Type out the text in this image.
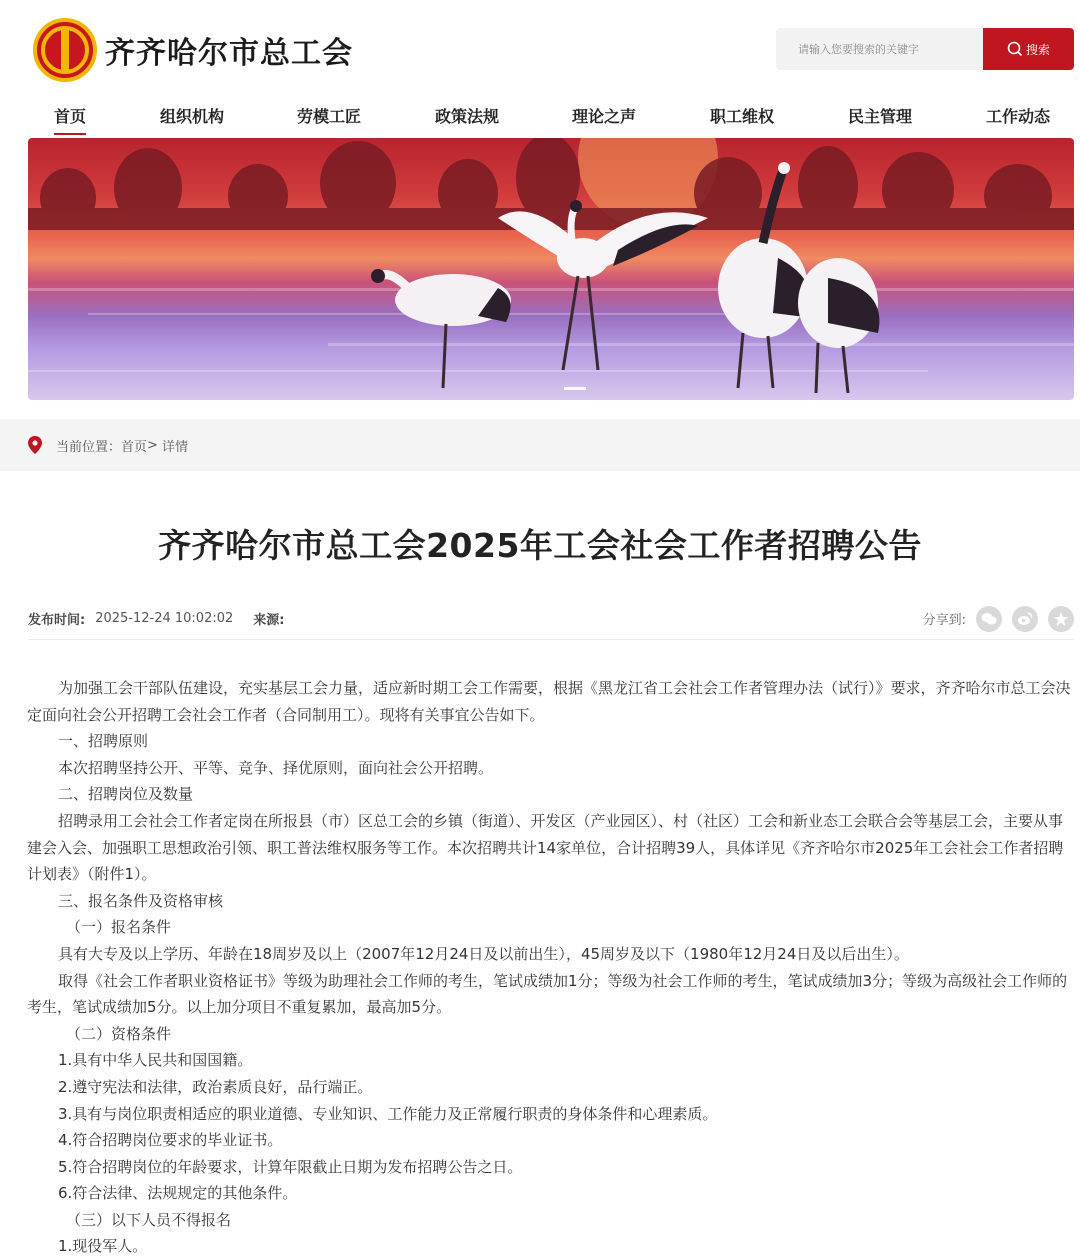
齐齐哈尔市总工会
请输入您要搜索的关键字	搜索
首页	组织机构	劳模工匠	政策法规	理论之声	职工维权	民主管理	工作动态
当前位置： 首页 > 详情
齐齐哈尔市总工会2025年工会社会工作者招聘公告
发布时间: 2025-12-24 10:02:02 来源:	分享到:

为加强工会干部队伍建设，充实基层工会力量，适应新时期工会工作需要，根据《黑龙江省工会社会工作者管理办法（试行）》要求，齐齐哈尔市总工会决定面向社会公开招聘工会社会工作者（合同制用工）。现将有关事宜公告如下。

一、招聘原则

本次招聘坚持公开、平等、竞争、择优原则，面向社会公开招聘。

二、招聘岗位及数量

招聘录用工会社会工作者定岗在所报县（市）区总工会的乡镇（街道）、开发区（产业园区）、村（社区）工会和新业态工会联合会等基层工会，主要从事建会入会、加强职工思想政治引领、职工普法维权服务等工作。本次招聘共计14家单位，合计招聘39人，具体详见《齐齐哈尔市2025年工会社会工作者招聘计划表》（附件1）。

三、报名条件及资格审核

（一）报名条件

具有大专及以上学历、年龄在18周岁及以上（2007年12月24日及以前出生），45周岁及以下（1980年12月24日及以后出生）。

取得《社会工作者职业资格证书》等级为助理社会工作师的考生，笔试成绩加1分；等级为社会工作师的考生，笔试成绩加3分；等级为高级社会工作师的考生，笔试成绩加5分。以上加分项目不重复累加，最高加5分。

（二）资格条件

1.具有中华人民共和国国籍。

2.遵守宪法和法律，政治素质良好，品行端正。

3.具有与岗位职责相适应的职业道德、专业知识、工作能力及正常履行职责的身体条件和心理素质。

4.符合招聘岗位要求的毕业证书。

5.符合招聘岗位的年龄要求，计算年限截止日期为发布招聘公告之日。

6.符合法律、法规规定的其他条件。

（三）以下人员不得报名

1.现役军人。
